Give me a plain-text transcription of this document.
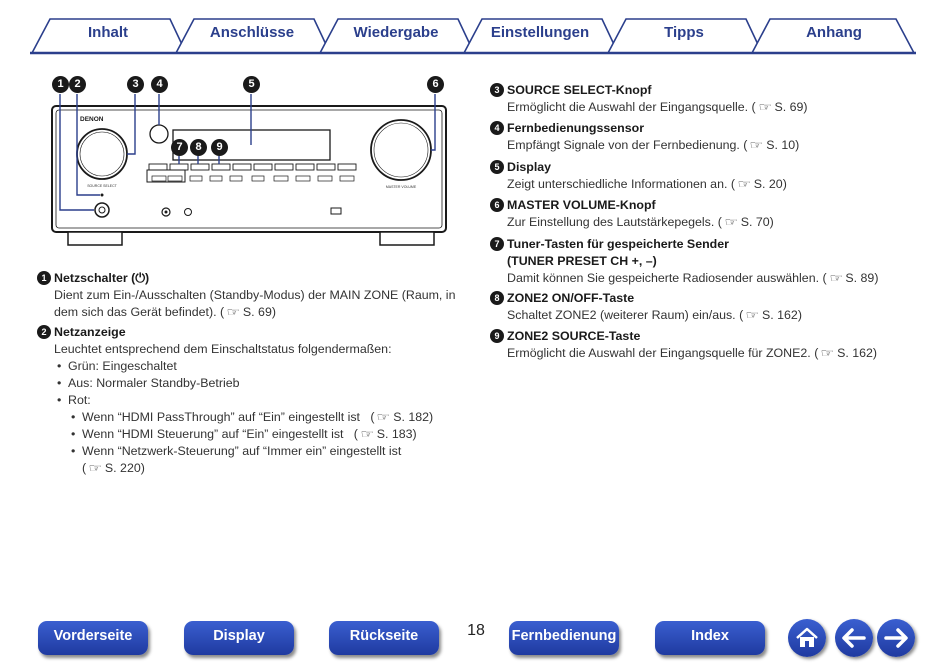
Inhalt	Anschlüsse	Wiedergabe	Einstellungen	Tipps	Anhang
SOURCE SELECT	MASTER VOLUME
DENON
1 2	3	4	5	6
7	8	9
1 Netzschalter (⏻)
Dient zum Ein-/Ausschalten (Standby-Modus) der MAIN ZONE (Raum, in dem sich das Gerät befindet). ( ☞ S. 69)
2 Netzanzeige
Leuchtet entsprechend dem Einschaltstatus folgendermaßen:
• Grün: Eingeschaltet
• Aus: Normaler Standby-Betrieb
• Rot:
• Wenn “HDMI PassThrough” auf “Ein” eingestellt ist   ( ☞ S. 182)
• Wenn “HDMI Steuerung” auf “Ein” eingestellt ist   ( ☞ S. 183)
• Wenn “Netzwerk-Steuerung” auf “Immer ein” eingestellt ist
( ☞ S. 220)
3 SOURCE SELECT-Knopf
Ermöglicht die Auswahl der Eingangsquelle. ( ☞ S. 69)
4 Fernbedienungssensor
Empfängt Signale von der Fernbedienung. ( ☞ S. 10)
5 Display
Zeigt unterschiedliche Informationen an. ( ☞ S. 20)
6 MASTER VOLUME-Knopf
Zur Einstellung des Lautstärkepegels. ( ☞ S. 70)
7 Tuner-Tasten für gespeicherte Sender
(TUNER PRESET CH +, –)
Damit können Sie gespeicherte Radiosender auswählen. ( ☞ S. 89)
8 ZONE2 ON/OFF-Taste
Schaltet ZONE2 (weiterer Raum) ein/aus. ( ☞ S. 162)
9 ZONE2 SOURCE-Taste
Ermöglicht die Auswahl der Eingangsquelle für ZONE2. ( ☞ S. 162)
Vorderseite	Display	Rückseite	18	Fernbedienung	Index
